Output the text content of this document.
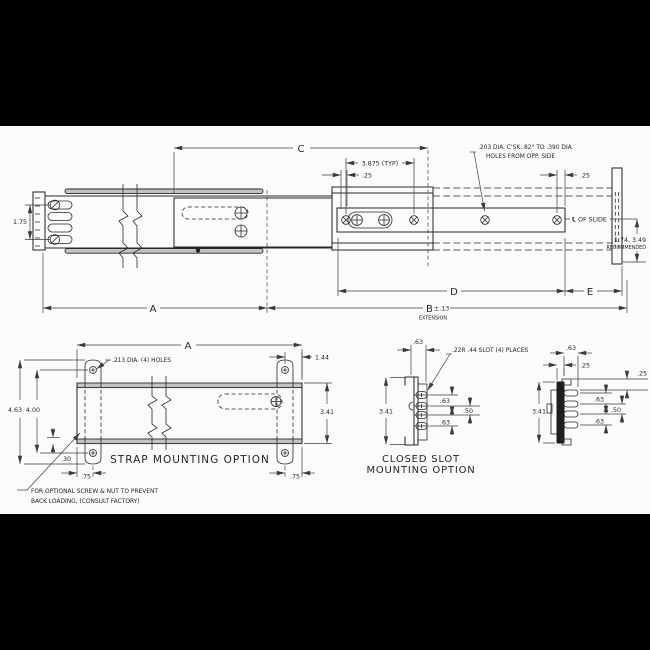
1.75
C
3.875 (TYP)
.25	.25
.203 DIA. C'SK. 82° TO .390 DIA.
HOLES FROM OPP. SIDE
℄ OF SLIDE
1.74, 3.49
RECOMMENDED
A	B ±.13
EXTENSION
D	E
A
.213 DIA. (4) HOLES	1.44
3.41
4.63 4.00
.30
.75	.75
STRAP MOUNTING OPTION
FOR OPTIONAL SCREW & NUT TO PREVENT
BACK LOADING, (CONSULT FACTORY)
.63
.22R .44 SLOT (4) PLACES
.63
.50
.63
3.41
CLOSED SLOT
MOUNTING OPTION
.63
.25
.25
3.41
.63
.50
.63
